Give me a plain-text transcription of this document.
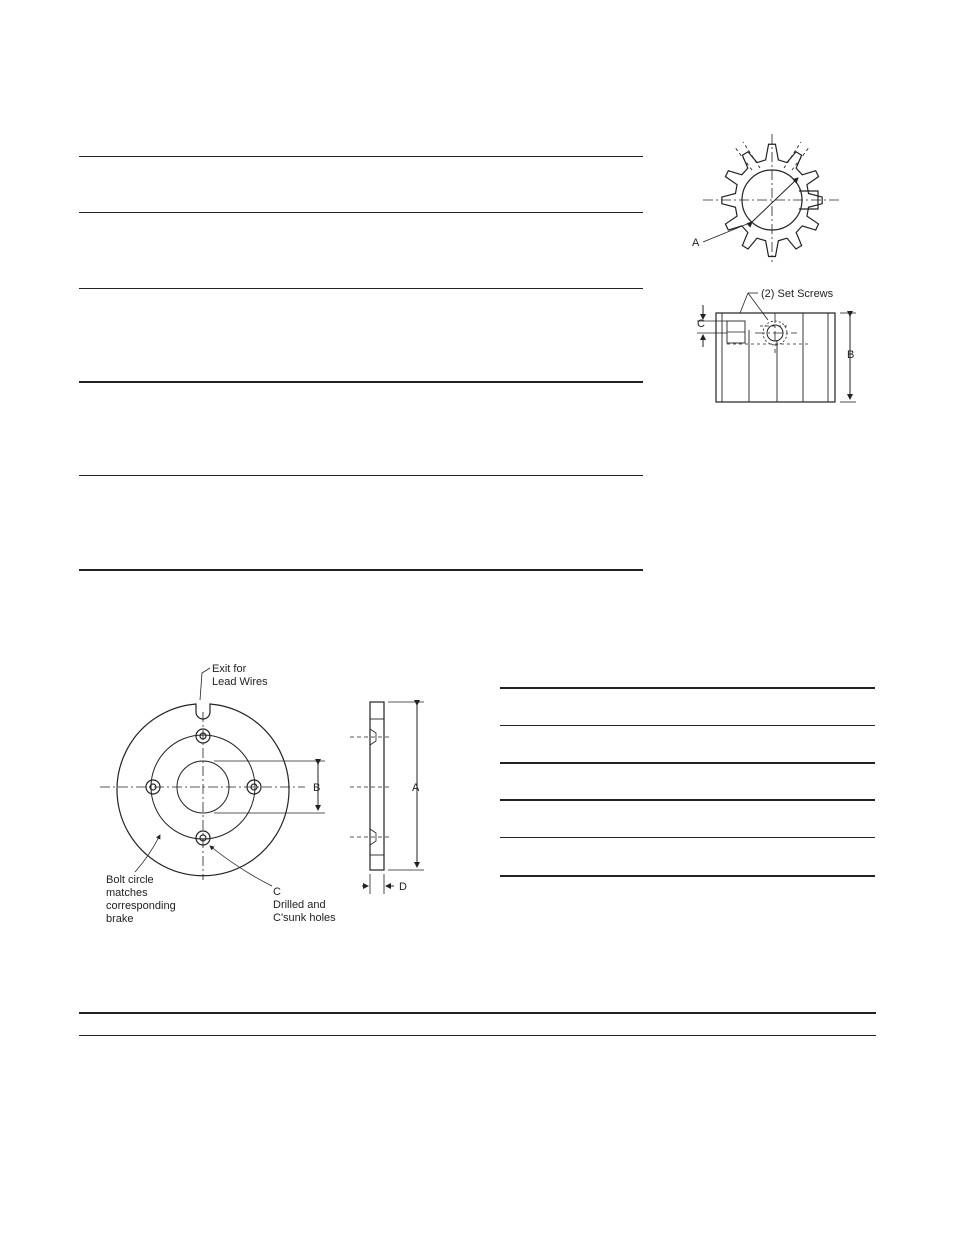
A
(2) Set Screws
B
C
Exit for
Lead Wires
B
C
Drilled and
C'sunk holes
Bolt circle
matches
corresponding
brake
A
D
